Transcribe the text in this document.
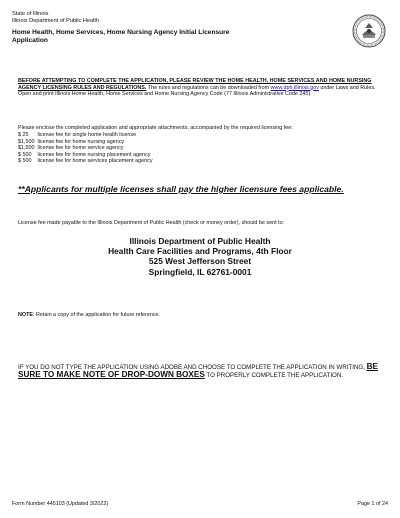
State of Illinois
Illinois Department of Public Health
Home Health, Home Services, Home Nursing Agency Initial Licensure
Application
BEFORE ATTEMPTING TO COMPLETE THE APPLICATION, PLEASE REVIEW THE HOME HEALTH, HOME SERVICES AND HOME NURSING AGENCY LICENSING RULES AND REGULATIONS. The rules and regulations can be downloaded from www.dph.illinois.gov under Laws and Rules. Open and print Illinois Home Health, Home Services and Home Nursing Agency Code (77 Illinois Administrative Code 245).
Please enclose the completed application and appropriate attachments, accompanied by the required licensing fee:
$ 25 license fee for single home health license
$1,500 license fee for home nursing agency
$1,500 license fee for home service agency
$ 500 license fee for home nursing placement agency
$ 500 license fee for home services placement agency
**Applicants for multiple licenses shall pay the higher licensure fees applicable.
License fee made payable to the Illinois Department of Public Health (check or money order), should be sent to:
Illinois Department of Public Health
Health Care Facilities and Programs, 4th Floor
525 West Jefferson Street
Springfield, IL 62761-0001
NOTE: Retain a copy of the application for future reference.
IF YOU DO NOT TYPE THE APPLICATION USING ADOBE AND CHOOSE TO COMPLETE THE APPLICATION IN WRITING, BE SURE TO MAKE NOTE OF DROP-DOWN BOXES TO PROPERLY COMPLETE THE APPLICATION.
Form Number 445103 (Updated 3/2022)	Page 1 of 24
